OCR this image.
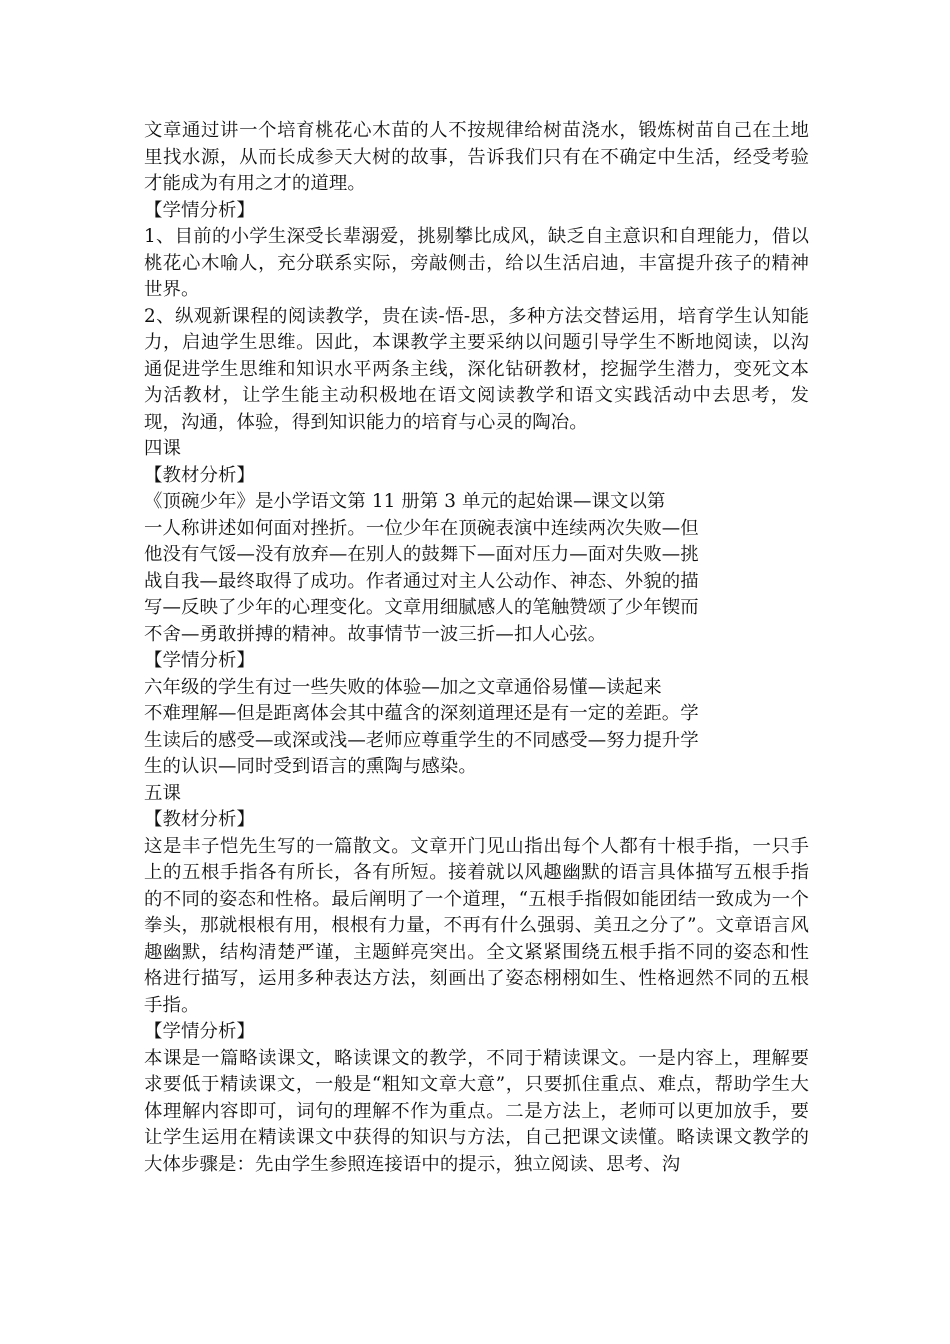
文章通过讲一个培育桃花心木苗的人不按规律给树苗浇水，锻炼树苗自己在土地里找水源，从而长成参天大树的故事，告诉我们只有在不确定中生活，经受考验才能成为有用之才的道理。

【学情分析】

1、目前的小学生深受长辈溺爱，挑剔攀比成风，缺乏自主意识和自理能力，借以桃花心木喻人，充分联系实际，旁敲侧击，给以生活启迪，丰富提升孩子的精神世界。

2、纵观新课程的阅读教学，贵在读-悟-思，多种方法交替运用，培育学生认知能力，启迪学生思维。因此，本课教学主要采纳以问题引导学生不断地阅读，以沟通促进学生思维和知识水平两条主线，深化钻研教材，挖掘学生潜力，变死文本为活教材，让学生能主动积极地在语文阅读教学和语文实践活动中去思考，发现，沟通，体验，得到知识能力的培育与心灵的陶冶。

四课

【教材分析】

《顶碗少年》是小学语文第 11 册第 3 单元的起始课—课文以第

一人称讲述如何面对挫折。一位少年在顶碗表演中连续两次失败—但

他没有气馁—没有放弃—在别人的鼓舞下—面对压力—面对失败—挑

战自我—最终取得了成功。作者通过对主人公动作、神态、外貌的描

写—反映了少年的心理变化。文章用细腻感人的笔触赞颂了少年锲而

不舍—勇敢拼搏的精神。故事情节一波三折—扣人心弦。

【学情分析】

六年级的学生有过一些失败的体验—加之文章通俗易懂—读起来

不难理解—但是距离体会其中蕴含的深刻道理还是有一定的差距。学

生读后的感受—或深或浅—老师应尊重学生的不同感受—努力提升学

生的认识—同时受到语言的熏陶与感染。

五课

【教材分析】

这是丰子恺先生写的一篇散文。文章开门见山指出每个人都有十根手指，一只手上的五根手指各有所长，各有所短。接着就以风趣幽默的语言具体描写五根手指的不同的姿态和性格。最后阐明了一个道理，“五根手指假如能团结一致成为一个拳头，那就根根有用，根根有力量，不再有什么强弱、美丑之分了”。文章语言风趣幽默，结构清楚严谨，主题鲜亮突出。全文紧紧围绕五根手指不同的姿态和性格进行描写，运用多种表达方法，刻画出了姿态栩栩如生、性格迥然不同的五根手指。

【学情分析】

本课是一篇略读课文，略读课文的教学，不同于精读课文。一是内容上，理解要求要低于精读课文，一般是“粗知文章大意”，只要抓住重点、难点，帮助学生大体理解内容即可，词句的理解不作为重点。二是方法上，老师可以更加放手，要让学生运用在精读课文中获得的知识与方法，自己把课文读懂。略读课文教学的大体步骤是：先由学生参照连接语中的提示，独立阅读、思考、沟
